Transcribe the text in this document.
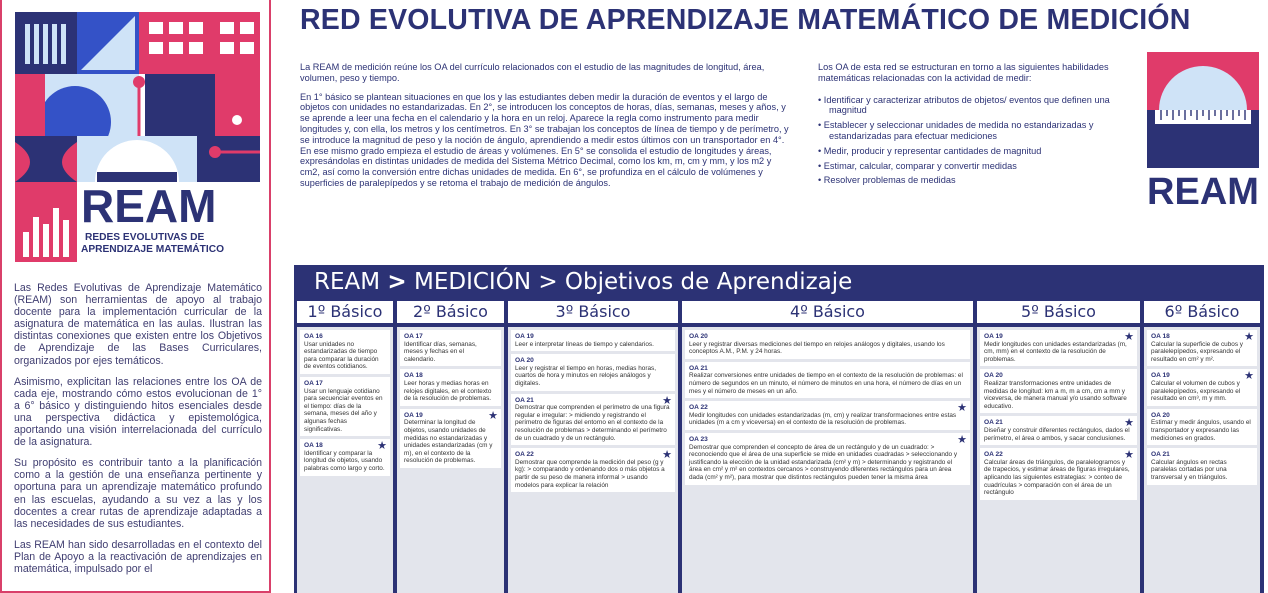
REAM
REDES EVOLUTIVAS DE
APRENDIZAJE MATEMÁTICO

Las Redes Evolutivas de Aprendizaje Matemático (REAM) son herramientas de apoyo al trabajo docente para la implementación curricular de la asignatura de matemática en las aulas. Ilustran las distintas conexiones que existen entre los Objetivos de Aprendizaje de las Bases Curriculares, organizados por ejes temáticos.

Asimismo, explicitan las relaciones entre los OA de cada eje, mostrando cómo estos evolucionan de 1° a 6° básico y distinguiendo hitos esenciales desde una perspectiva didáctica y epistemológica, aportando una visión interrelacionada del currículo de la asignatura.

Su propósito es contribuir tanto a la planificación como a la gestión de una enseñanza pertinente y oportuna para un aprendizaje matemático profundo en las escuelas, ayudando a su vez a las y los docentes a crear rutas de aprendizaje adaptadas a las necesidades de sus estudiantes.

Las REAM han sido desarrolladas en el contexto del Plan de Apoyo a la reactivación de aprendizajes en matemática, impulsado por el

RED EVOLUTIVA DE APRENDIZAJE MATEMÁTICO DE MEDICIÓN

La REAM de medición reúne los OA del currículo relacionados con el estudio de las magnitudes de longitud, área, volumen, peso y tiempo.

En 1° básico se plantean situaciones en que los y las estudiantes deben medir la duración de eventos y el largo de objetos con unidades no estandarizadas. En 2°, se introducen los conceptos de horas, días, semanas, meses y años, y se aprende a leer una fecha en el calendario y la hora en un reloj. Aparece la regla como instrumento para medir longitudes y, con ella, los metros y los centímetros. En 3° se trabajan los conceptos de línea de tiempo y de perímetro, y se introduce la magnitud de peso y la noción de ángulo, aprendiendo a medir estos últimos con un transportador en 4°. En ese mismo grado empieza el estudio de áreas y volúmenes. En 5° se consolida el estudio de longitudes y áreas, expresándolas en distintas unidades de medida del Sistema Métrico Decimal, como los km, m, cm y mm, y los m2 y cm2, así como la conversión entre dichas unidades de medida. En 6°, se profundiza en el cálculo de volúmenes y superficies de paralepípedos y se retoma el trabajo de medición de ángulos.

Los OA de esta red se estructuran en torno a las siguientes habilidades matemáticas relacionadas con la actividad de medir:

• Identificar y caracterizar atributos de objetos/ eventos que definen una magnitud
• Establecer y seleccionar unidades de medida no estandarizadas y estandarizadas para efectuar mediciones
• Medir, producir y representar cantidades de magnitud
• Estimar, calcular, comparar y convertir medidas
• Resolver problemas de medidas	REAM
REAM > MEDICIÓN > Objetivos de Aprendizaje
1º Básico	2º Básico	3º Básico	4º Básico	5º Básico	6º Básico
OA 16
Usar unidades no estandarizadas de tiempo para comparar la duración de eventos cotidianos.
OA 17
Usar un lenguaje cotidiano para secuenciar eventos en el tiempo: días de la semana, meses del año y algunas fechas significativas.
OA 18
Identificar y comparar la longitud de objetos, usando palabras como largo y corto.
★
OA 17
Identificar días, semanas, meses y fechas en el calendario.
OA 18
Leer horas y medias horas en relojes digitales, en el contexto de la resolución de problemas.
OA 19
Determinar la longitud de objetos, usando unidades de medidas no estandarizadas y unidades estandarizadas (cm y m), en el contexto de la resolución de problemas.
★
OA 19
Leer e interpretar líneas de tiempo y calendarios.
OA 20
Leer y registrar el tiempo en horas, medias horas, cuartos de hora y minutos en relojes análogos y digitales.
OA 21
Demostrar que comprenden el perímetro de una figura regular e irregular: > midiendo y registrando el perímetro de figuras del entorno en el contexto de la resolución de problemas > determinando el perímetro de un cuadrado y de un rectángulo.
★
OA 22
Demostrar que comprende la medición del peso (g y kg): > comparando y ordenando dos o más objetos a partir de su peso de manera informal > usando modelos para explicar la relación
★
OA 20
Leer y registrar diversas mediciones del tiempo en relojes análogos y digitales, usando los conceptos A.M., P.M. y 24 horas.
OA 21
Realizar conversiones entre unidades de tiempo en el contexto de la resolución de problemas: el número de segundos en un minuto, el número de minutos en una hora, el número de días en un mes y el número de meses en un año.
OA 22
Medir longitudes con unidades estandarizadas (m, cm) y realizar transformaciones entre estas unidades (m a cm y viceversa) en el contexto de la resolución de problemas.
★
OA 23
Demostrar que comprenden el concepto de área de un rectángulo y de un cuadrado: > reconociendo que el área de una superficie se mide en unidades cuadradas > seleccionando y justificando la elección de la unidad estandarizada (cm² y m) > determinando y registrando el área en cm² y m² en contextos cercanos > construyendo diferentes rectángulos para un área dada (cm² y m²), para mostrar que distintos rectángulos pueden tener la misma área
★
OA 19
Medir longitudes con unidades estandarizadas (m, cm, mm) en el contexto de la resolución de problemas.
★
OA 20
Realizar transformaciones entre unidades de medidas de longitud: km a m, m a cm, cm a mm y viceversa, de manera manual y/o usando software educativo.
OA 21
Diseñar y construir diferentes rectángulos, dados el perímetro, el área o ambos, y sacar conclusiones.
★
OA 22
Calcular áreas de triángulos, de paralelogramos y de trapecios, y estimar áreas de figuras irregulares, aplicando las siguientes estrategias: > conteo de cuadrículas > comparación con el área de un rectángulo
★
OA 18
Calcular la superficie de cubos y paralelepípedos, expresando el resultado en cm² y m².
★
OA 19
Calcular el volumen de cubos y paralelepípedos, expresando el resultado en cm³, m y mm.
★
OA 20
Estimar y medir ángulos, usando el transportador y expresando las mediciones en grados.
OA 21
Calcular ángulos en rectas paralelas cortadas por una transversal y en triángulos.
